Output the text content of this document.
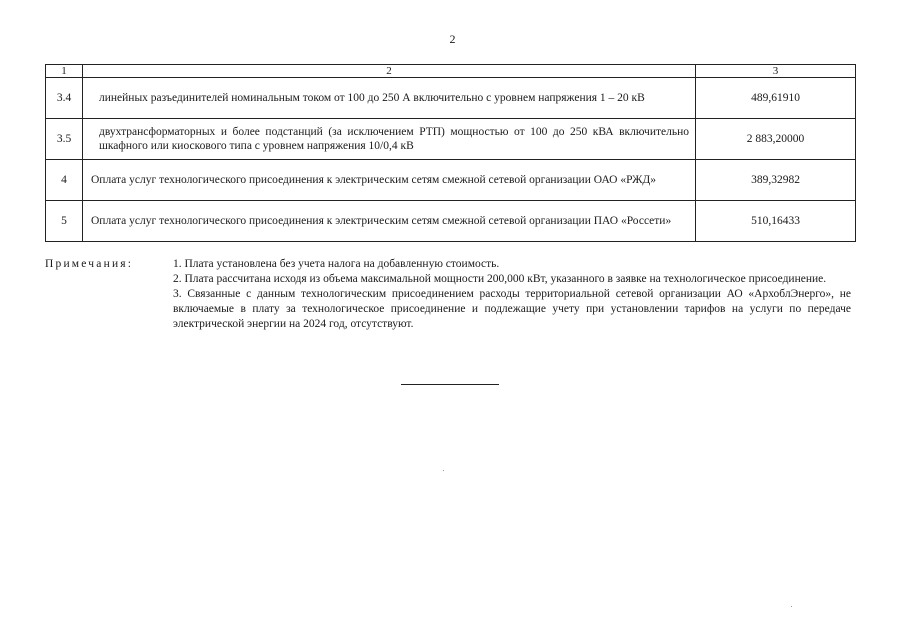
2
1	2	3
3.4	линейных разъединителей номинальным током от 100 до 250 А включительно с уровнем напряжения 1 – 20 кВ	489,61910
3.5	двухтрансформаторных и более подстанций (за исключением РТП) мощностью от 100 до 250 кВА включительно шкафного или киоскового типа с уровнем напряжения 10/0,4 кВ	2 883,20000
4	Оплата услуг технологического присоединения к электрическим сетям смежной сетевой организации ОАО «РЖД»	389,32982
5	Оплата услуг технологического присоединения к электрическим сетям смежной сетевой организации ПАО «Россети»	510,16433
Примечания:	1. Плата установлена без учета налога на добавленную стоимость.
2. Плата рассчитана исходя из объема максимальной мощности 200,000 кВт, указанного в заявке на технологическое присоединение.
3. Связанные с данным технологическим присоединением расходы территориальной сетевой организации АО «АрхоблЭнерго», не включаемые в плату за технологическое присоединение и подлежащие учету при установлении тарифов на услуги по передаче электрической энергии на 2024 год, отсутствуют.
